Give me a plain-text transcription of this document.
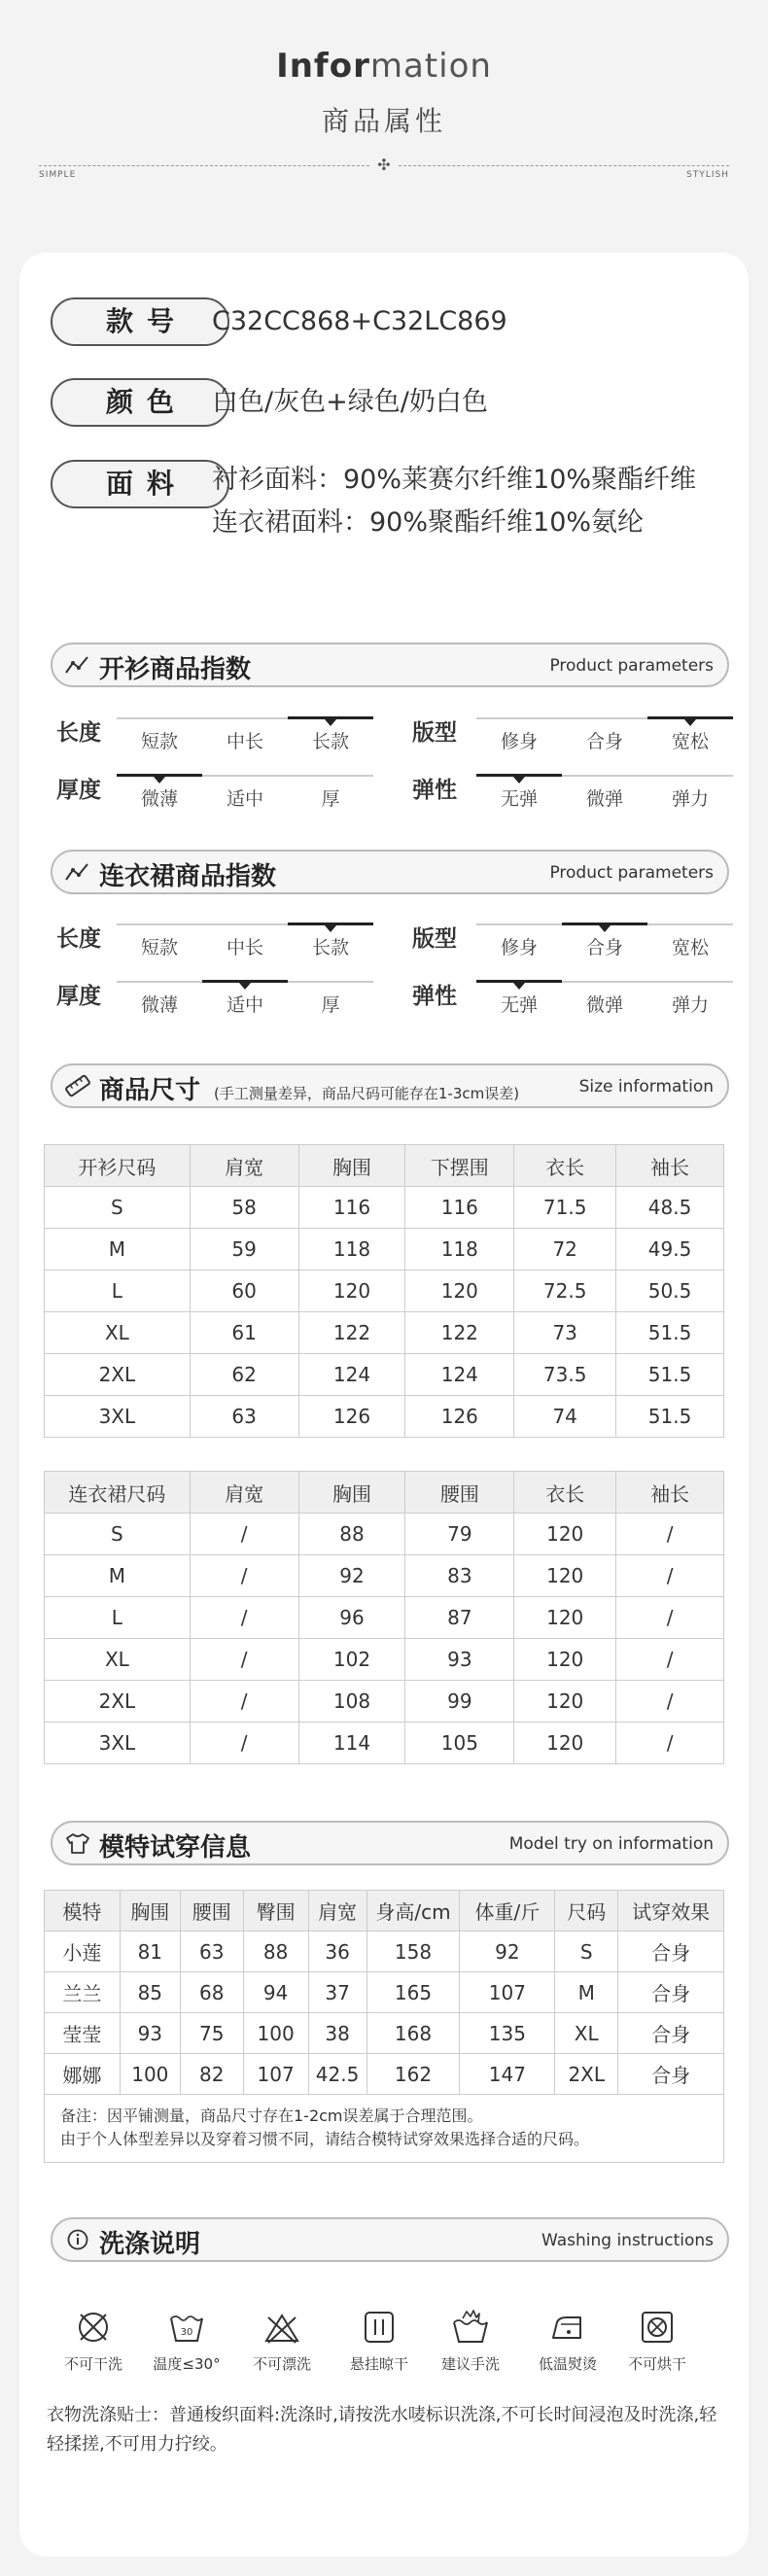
Information
商品属性
✣
SIMPLE	STYLISH
款号 C32CC868+C32LC869
颜色 白色/灰色+绿色/奶白色
面料 衬衫面料：90%莱赛尔纤维10%聚酯纤维
连衣裙面料：90%聚酯纤维10%氨纶
开衫商品指数	Product parameters
长度	短款	中长	长款
厚度	微薄	适中	厚
版型	修身	合身	宽松
弹性	无弹	微弹	弹力
连衣裙商品指数	Product parameters
长度	短款	中长	长款
厚度	微薄	适中	厚
版型	修身	合身	宽松
弹性	无弹	微弹	弹力
商品尺寸 (手工测量差异，商品尺码可能存在1-3cm误差)	Size information
开衫尺码	肩宽	胸围	下摆围	衣长	袖长
S	58	116	116	71.5	48.5
M	59	118	118	72	49.5
L	60	120	120	72.5	50.5
XL	61	122	122	73	51.5
2XL	62	124	124	73.5	51.5
3XL	63	126	126	74	51.5
连衣裙尺码	肩宽	胸围	腰围	衣长	袖长
S	/	88	79	120	/
M	/	92	83	120	/
L	/	96	87	120	/
XL	/	102	93	120	/
2XL	/	108	99	120	/
3XL	/	114	105	120	/
模特试穿信息	Model try on information
模特	胸围	腰围	臀围	肩宽	身高/cm	体重/斤	尺码	试穿效果
小莲	81	63	88	36	158	92	S	合身
兰兰	85	68	94	37	165	107	M	合身
莹莹	93	75	100	38	168	135	XL	合身
娜娜	100	82	107	42.5	162	147	2XL	合身
备注：因平铺测量，商品尺寸存在1-2cm误差属于合理范围。
由于个人体型差异以及穿着习惯不同，请结合模特试穿效果选择合适的尺码。
洗涤说明	Washing instructions
不可干洗
30
温度≤30°	不可漂洗	悬挂晾干	建议手洗	低温熨烫	不可烘干
衣物洗涤贴士：普通梭织面料:洗涤时,请按洗水唛标识洗涤,不可长时间浸泡及时洗涤,轻轻揉搓,不可用力拧绞。
